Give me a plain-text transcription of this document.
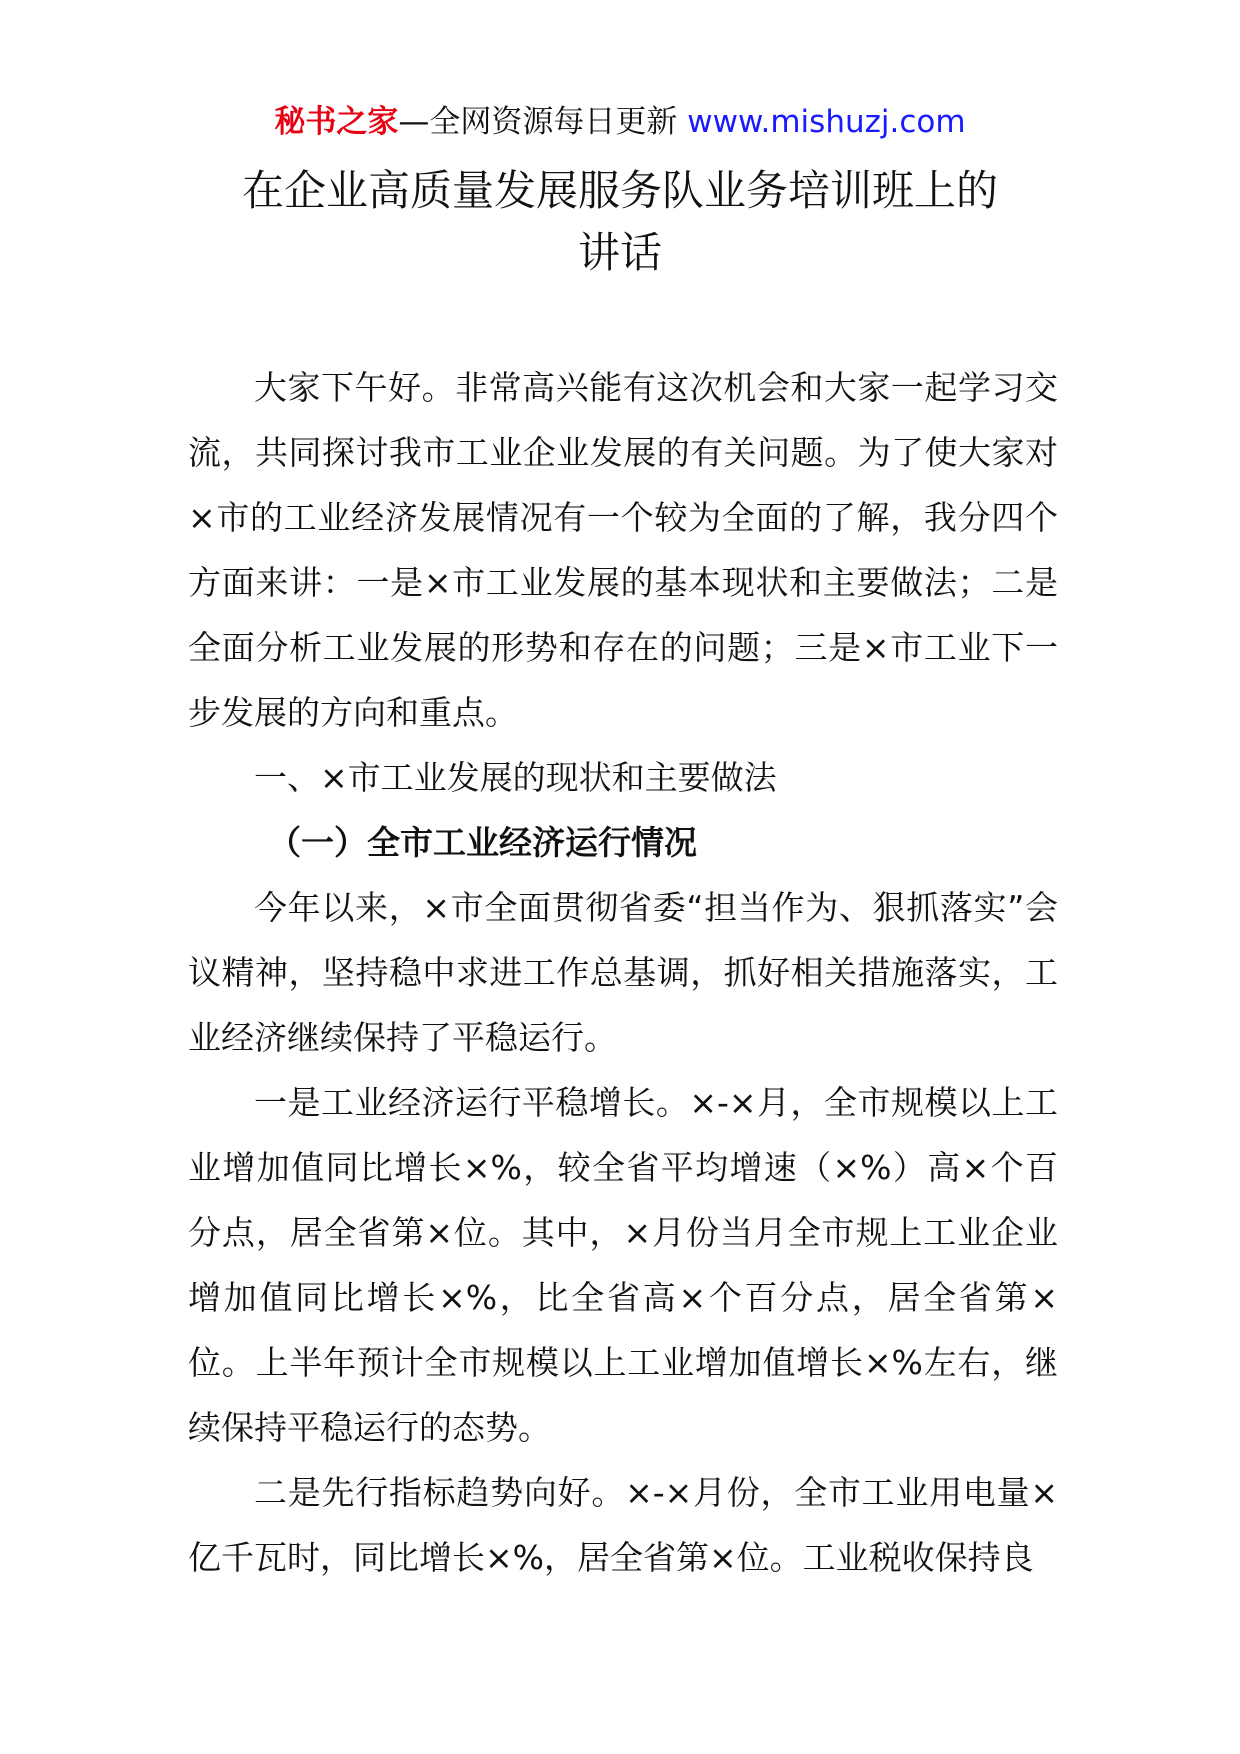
秘书之家—全网资源每日更新 www.mishuzj.com
在企业高质量发展服务队业务培训班上的
讲话

大家下午好。非常高兴能有这次机会和大家一起学习交流，共同探讨我市工业企业发展的有关问题。为了使大家对×市的工业经济发展情况有一个较为全面的了解，我分四个方面来讲：一是×市工业发展的基本现状和主要做法；二是全面分析工业发展的形势和存在的问题；三是×市工业下一步发展的方向和重点。

一、×市工业发展的现状和主要做法

（一）全市工业经济运行情况

今年以来，×市全面贯彻省委“担当作为、狠抓落实”会议精神，坚持稳中求进工作总基调，抓好相关措施落实，工业经济继续保持了平稳运行。

一是工业经济运行平稳增长。×-×月，全市规模以上工业增加值同比增长×%，较全省平均增速（×%）高×个百分点，居全省第×位。其中，×月份当月全市规上工业企业增加值同比增长×%，比全省高×个百分点，居全省第×位。上半年预计全市规模以上工业增加值增长×%左右，继续保持平稳运行的态势。

二是先行指标趋势向好。×-×月份，全市工业用电量×亿千瓦时，同比增长×%，居全省第×位。工业税收保持良
